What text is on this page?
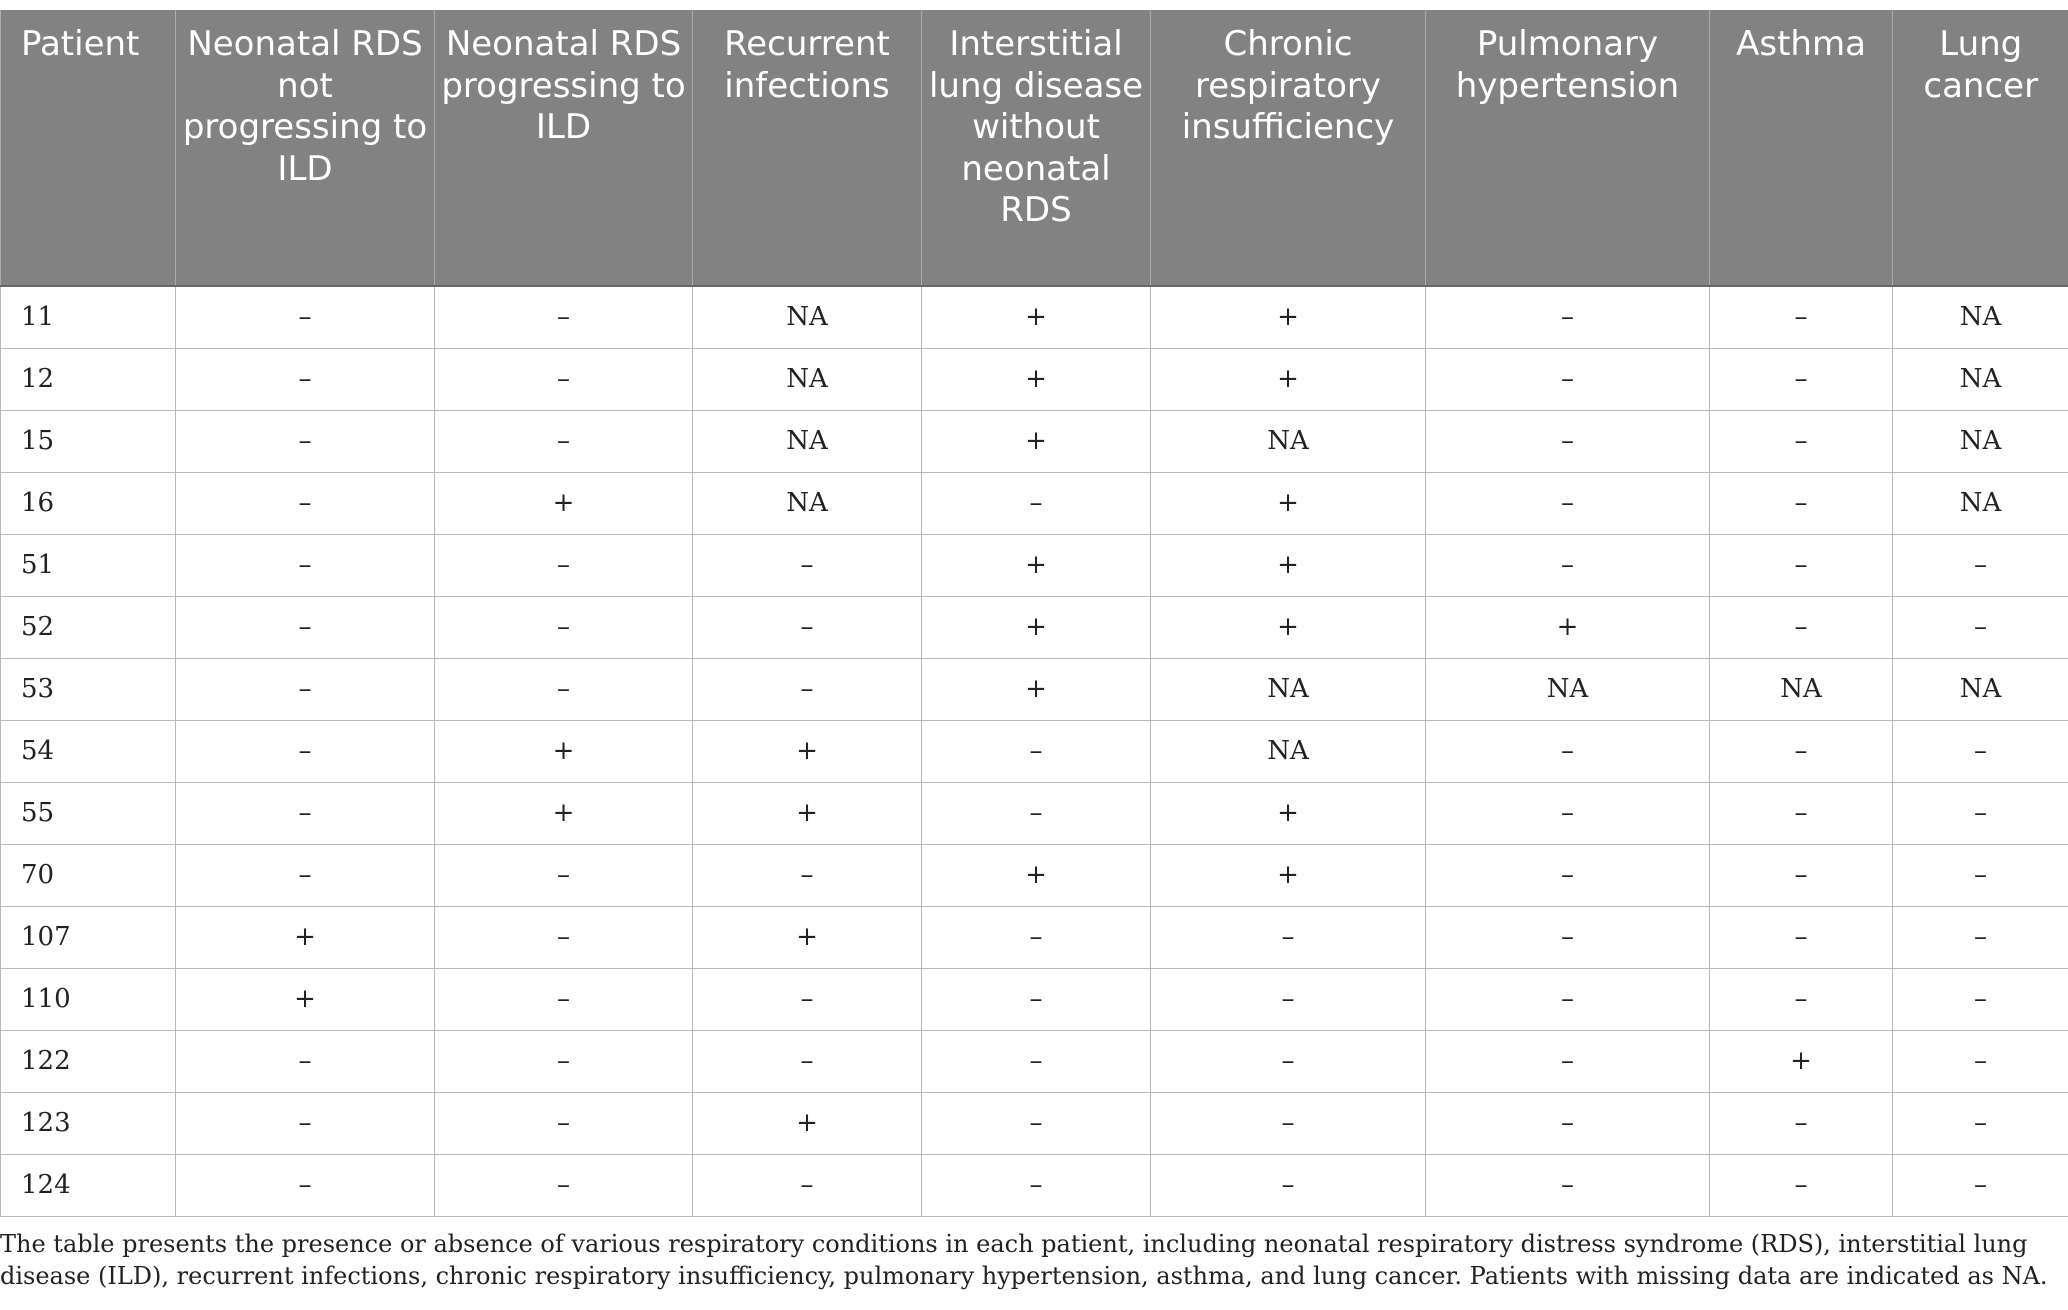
Patient	Neonatal RDS not progressing to ILD	Neonatal RDS progressing to ILD	Recurrent infections	Interstitial lung disease without neonatal RDS	Chronic respiratory insufficiency	Pulmonary hypertension	Asthma	Lung cancer
11	–	–	NA	+	+	–	–	NA
12	–	–	NA	+	+	–	–	NA
15	–	–	NA	+	NA	–	–	NA
16	–	+	NA	–	+	–	–	NA
51	–	–	–	+	+	–	–	–
52	–	–	–	+	+	+	–	–
53	–	–	–	+	NA	NA	NA	NA
54	–	+	+	–	NA	–	–	–
55	–	+	+	–	+	–	–	–
70	–	–	–	+	+	–	–	–
107	+	–	+	–	–	–	–	–
110	+	–	–	–	–	–	–	–
122	–	–	–	–	–	–	+	–
123	–	–	+	–	–	–	–	–
124	–	–	–	–	–	–	–	–
The table presents the presence or absence of various respiratory conditions in each patient, including neonatal respiratory distress syndrome (RDS), interstitial lung disease (ILD), recurrent infections, chronic respiratory insufficiency, pulmonary hypertension, asthma, and lung cancer. Patients with missing data are indicated as NA.
